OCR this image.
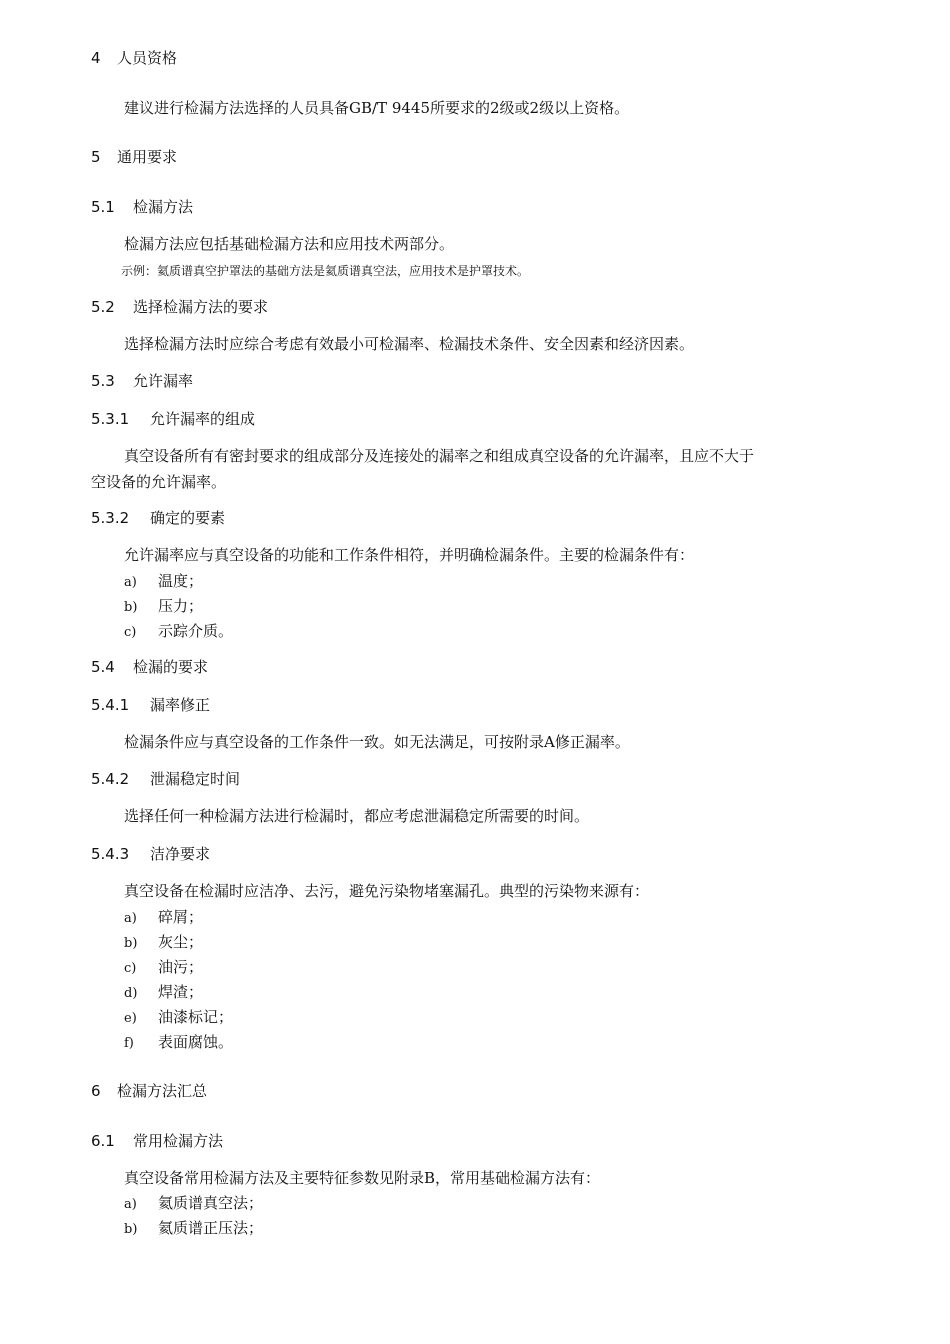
4 人员资格
建议进行检漏方法选择的人员具备GB/T 9445所要求的2级或2级以上资格。
5 通用要求
5.1 检漏方法
检漏方法应包括基础检漏方法和应用技术两部分。
示例：氦质谱真空护罩法的基础方法是氦质谱真空法，应用技术是护罩技术。
5.2 选择检漏方法的要求
选择检漏方法时应综合考虑有效最小可检漏率、检漏技术条件、安全因素和经济因素。
5.3 允许漏率
5.3.1 允许漏率的组成
真空设备所有有密封要求的组成部分及连接处的漏率之和组成真空设备的允许漏率，且应不大于
空设备的允许漏率。
5.3.2 确定的要素
允许漏率应与真空设备的功能和工作条件相符，并明确检漏条件。主要的检漏条件有：
a) 温度；
b) 压力；
c) 示踪介质。
5.4 检漏的要求
5.4.1 漏率修正
检漏条件应与真空设备的工作条件一致。如无法满足，可按附录A修正漏率。
5.4.2 泄漏稳定时间
选择任何一种检漏方法进行检漏时，都应考虑泄漏稳定所需要的时间。
5.4.3 洁净要求
真空设备在检漏时应洁净、去污，避免污染物堵塞漏孔。典型的污染物来源有：
a) 碎屑；
b) 灰尘；
c) 油污；
d) 焊渣；
e) 油漆标记；
f) 表面腐蚀。
6 检漏方法汇总
6.1 常用检漏方法
真空设备常用检漏方法及主要特征参数见附录B，常用基础检漏方法有：
a) 氦质谱真空法；
b) 氦质谱正压法；
